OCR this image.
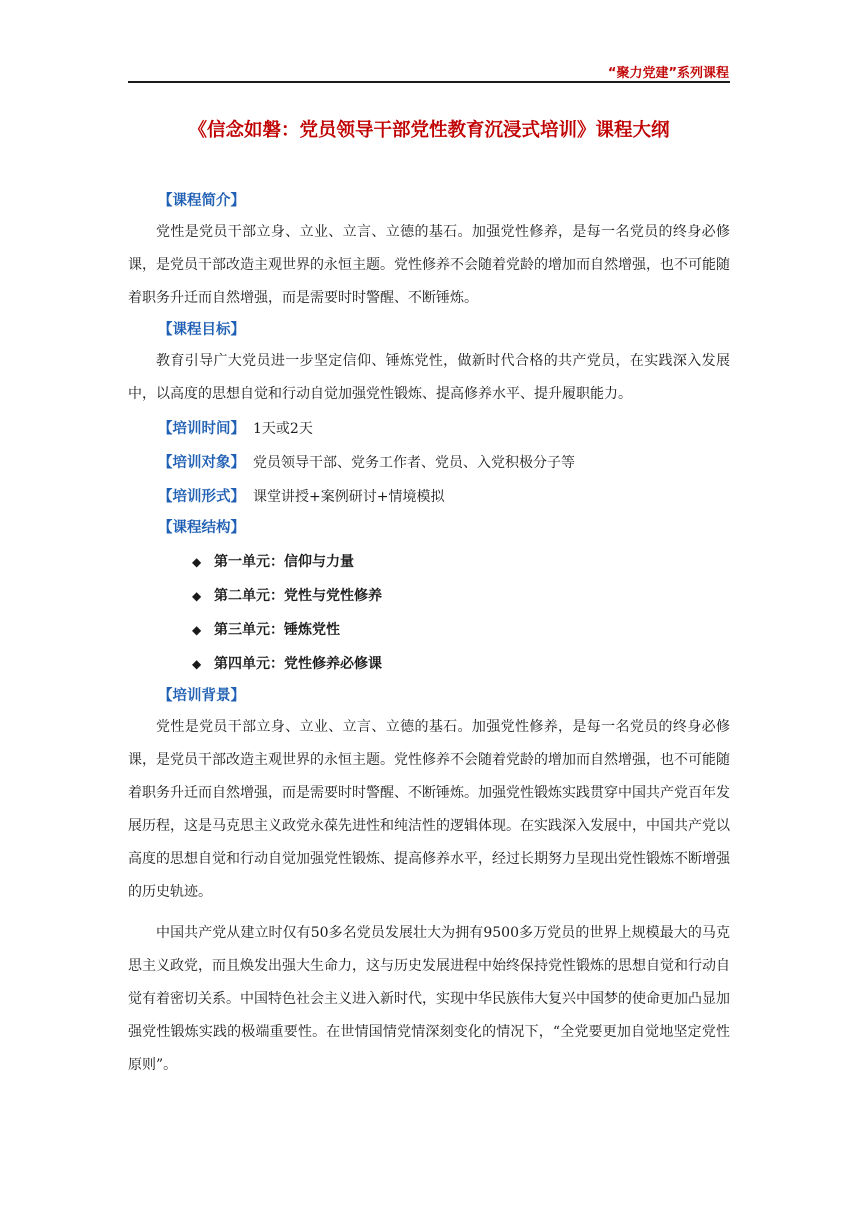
“聚力党建”系列课程
《信念如磐：党员领导干部党性教育沉浸式培训》课程大纲
【课程简介】

党性是党员干部立身、立业、立言、立德的基石。加强党性修养，是每一名党员的终身必修课，是党员干部改造主观世界的永恒主题。党性修养不会随着党龄的增加而自然增强，也不可能随着职务升迁而自然增强，而是需要时时警醒、不断锤炼。

【课程目标】

教育引导广大党员进一步坚定信仰、锤炼党性，做新时代合格的共产党员，在实践深入发展中，以高度的思想自觉和行动自觉加强党性锻炼、提高修养水平、提升履职能力。

【培训时间】 1天或2天
【培训对象】 党员领导干部、党务工作者、党员、入党积极分子等
【培训形式】 课堂讲授+案例研讨+情境模拟
【课程结构】
◆ 第一单元：信仰与力量
◆ 第二单元：党性与党性修养
◆ 第三单元：锤炼党性
◆ 第四单元：党性修养必修课
【培训背景】

党性是党员干部立身、立业、立言、立德的基石。加强党性修养，是每一名党员的终身必修课，是党员干部改造主观世界的永恒主题。党性修养不会随着党龄的增加而自然增强，也不可能随着职务升迁而自然增强，而是需要时时警醒、不断锤炼。加强党性锻炼实践贯穿中国共产党百年发展历程，这是马克思主义政党永葆先进性和纯洁性的逻辑体现。在实践深入发展中，中国共产党以高度的思想自觉和行动自觉加强党性锻炼、提高修养水平，经过长期努力呈现出党性锻炼不断增强的历史轨迹。

中国共产党从建立时仅有50多名党员发展壮大为拥有9500多万党员的世界上规模最大的马克思主义政党，而且焕发出强大生命力，这与历史发展进程中始终保持党性锻炼的思想自觉和行动自觉有着密切关系。中国特色社会主义进入新时代，实现中华民族伟大复兴中国梦的使命更加凸显加强党性锻炼实践的极端重要性。在世情国情党情深刻变化的情况下，“全党要更加自觉地坚定党性原则”。
